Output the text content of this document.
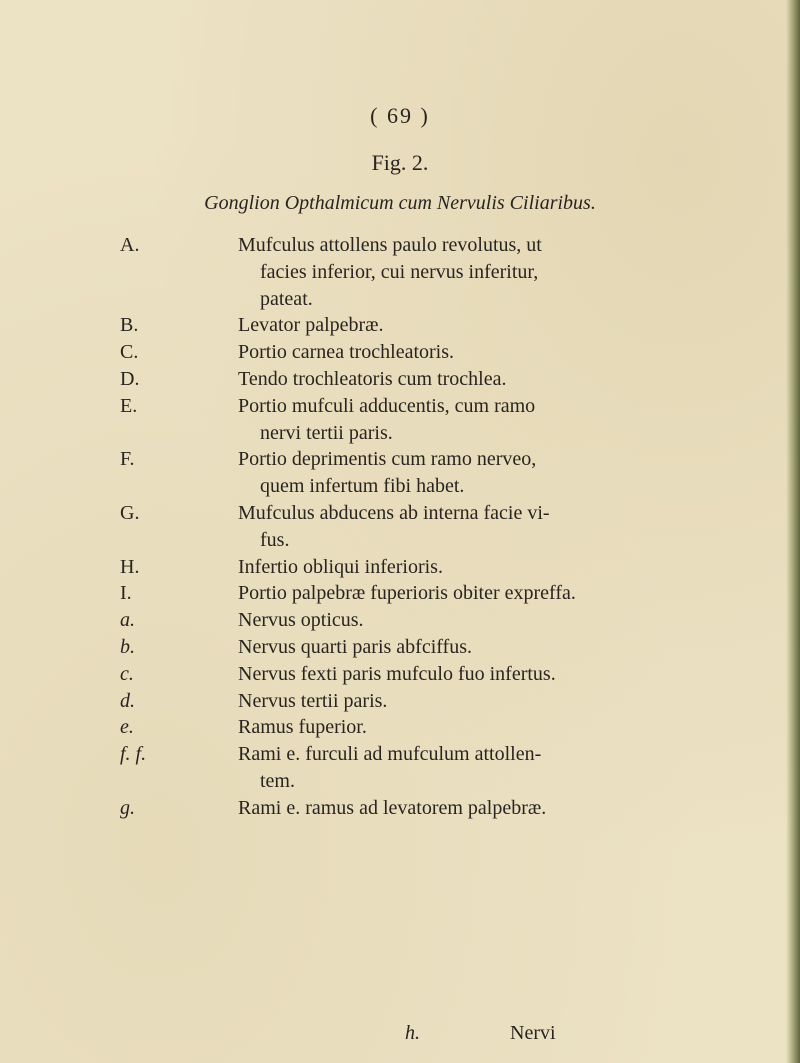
( 69 )
Fig. 2.
Gonglion Opthalmicum cum Nervulis Ciliaribus.
A.	Mufculus attollens paulo revolutus, ut
facies inferior, cui nervus inferitur,
pateat.
B.	Levator palpebræ.
C.	Portio carnea trochleatoris.
D.	Tendo trochleatoris cum trochlea.
E.	Portio mufculi adducentis, cum ramo
nervi tertii paris.
F.	Portio deprimentis cum ramo nerveo,
quem infertum fibi habet.
G.	Mufculus abducens ab interna facie vi-
fus.
H.	Infertio obliqui inferioris.
I.	Portio palpebræ fuperioris obiter expreffa.
a.	Nervus opticus.
b.	Nervus quarti paris abfciffus.
c.	Nervus fexti paris mufculo fuo infertus.
d.	Nervus tertii paris.
e.	Ramus fuperior.
f. f.	Rami e. furculi ad mufculum attollen-
tem.
g.	Rami e. ramus ad levatorem palpebræ.
h.	Nervi
